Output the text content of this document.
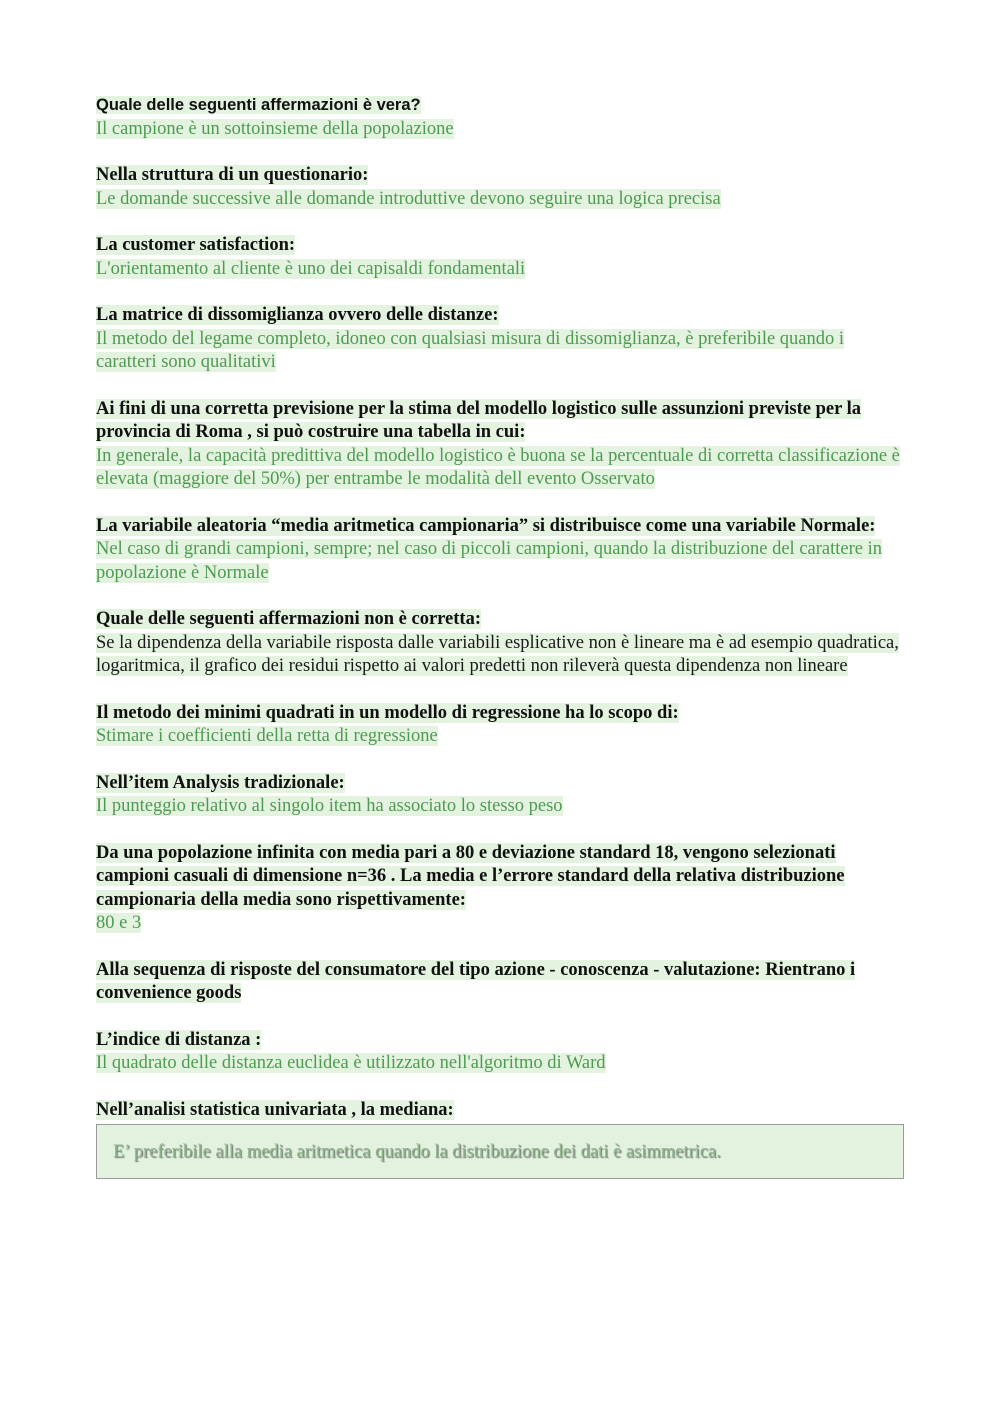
Quale delle seguenti affermazioni è vera?
Il campione è un sottoinsieme della popolazione
Nella struttura di un questionario:
Le domande successive alle domande introduttive devono seguire una logica precisa
La customer satisfaction:
L'orientamento al cliente è uno dei capisaldi fondamentali
La matrice di dissomiglianza ovvero delle distanze:
Il metodo del legame completo, idoneo con qualsiasi misura di dissomiglianza, è preferibile quando i caratteri sono qualitativi
Ai fini di una corretta previsione per la stima del modello logistico sulle assunzioni previste per la provincia di Roma , si può costruire una tabella in cui:
In generale, la capacità predittiva del modello logistico è buona se la percentuale di corretta classificazione è elevata (maggiore del 50%) per entrambe le modalità dell evento Osservato
La variabile aleatoria “media aritmetica campionaria” si distribuisce come una variabile Normale:
Nel caso di grandi campioni, sempre; nel caso di piccoli campioni, quando la distribuzione del carattere in popolazione è Normale
Quale delle seguenti affermazioni non è corretta:
Se la dipendenza della variabile risposta dalle variabili esplicative non è lineare ma è ad esempio quadratica, logaritmica, il grafico dei residui rispetto ai valori predetti non rileverà questa dipendenza non lineare
Il metodo dei minimi quadrati in un modello di regressione ha lo scopo di:
Stimare i coefficienti della retta di regressione
Nell’item Analysis tradizionale:
Il punteggio relativo al singolo item ha associato lo stesso peso
Da una popolazione infinita con media pari a 80 e deviazione standard 18, vengono selezionati campioni casuali di dimensione n=36 . La media e l’errore standard della relativa distribuzione campionaria della media sono rispettivamente:
80 e 3
Alla sequenza di risposte del consumatore del tipo azione - conoscenza - valutazione: Rientrano i convenience goods
L’indice di distanza :
Il quadrato delle distanza euclidea è utilizzato nell'algoritmo di Ward
Nell’analisi statistica univariata , la mediana:
E’ preferibile alla media aritmetica quando la distribuzione dei dati è asimmetrica.
